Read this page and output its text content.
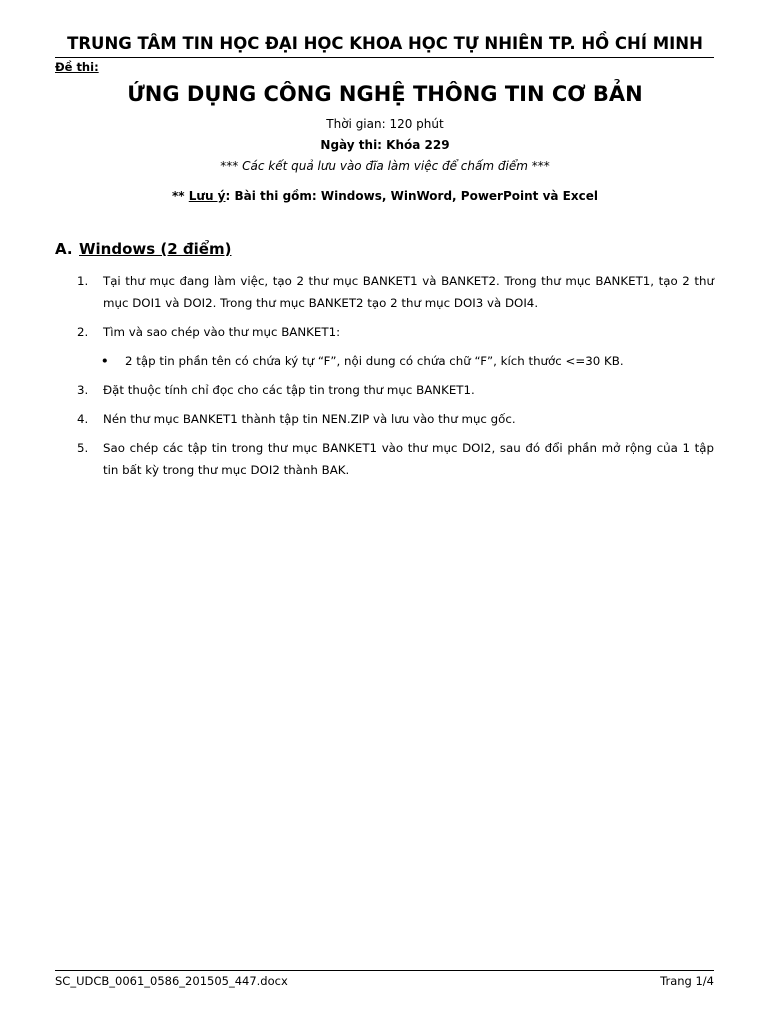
TRUNG TÂM TIN HỌC ĐẠI HỌC KHOA HỌC TỰ NHIÊN TP. HỒ CHÍ MINH
Đề thi:
ỨNG DỤNG CÔNG NGHỆ THÔNG TIN CƠ BẢN
Thời gian: 120 phút
Ngày thi: Khóa 229
*** Các kết quả lưu vào đĩa làm việc để chấm điểm ***
** Lưu ý: Bài thi gồm: Windows, WinWord, PowerPoint và Excel
A. Windows (2 điểm)
1. Tại thư mục đang làm việc, tạo 2 thư mục BANKET1 và BANKET2. Trong thư mục BANKET1, tạo 2 thư mục DOI1 và DOI2. Trong thư mục BANKET2 tạo 2 thư mục DOI3 và DOI4.
2. Tìm và sao chép vào thư mục BANKET1:
• 2 tập tin phần tên có chứa ký tự “F”, nội dung có chứa chữ “F”, kích thước <=30 KB.
3. Đặt thuộc tính chỉ đọc cho các tập tin trong thư mục BANKET1.
4. Nén thư mục BANKET1 thành tập tin NEN.ZIP và lưu vào thư mục gốc.
5. Sao chép các tập tin trong thư mục BANKET1 vào thư mục DOI2, sau đó đổi phần mở rộng của 1 tập tin bất kỳ trong thư mục DOI2 thành BAK.
SC_UDCB_0061_0586_201505_447.docx	Trang 1/4
